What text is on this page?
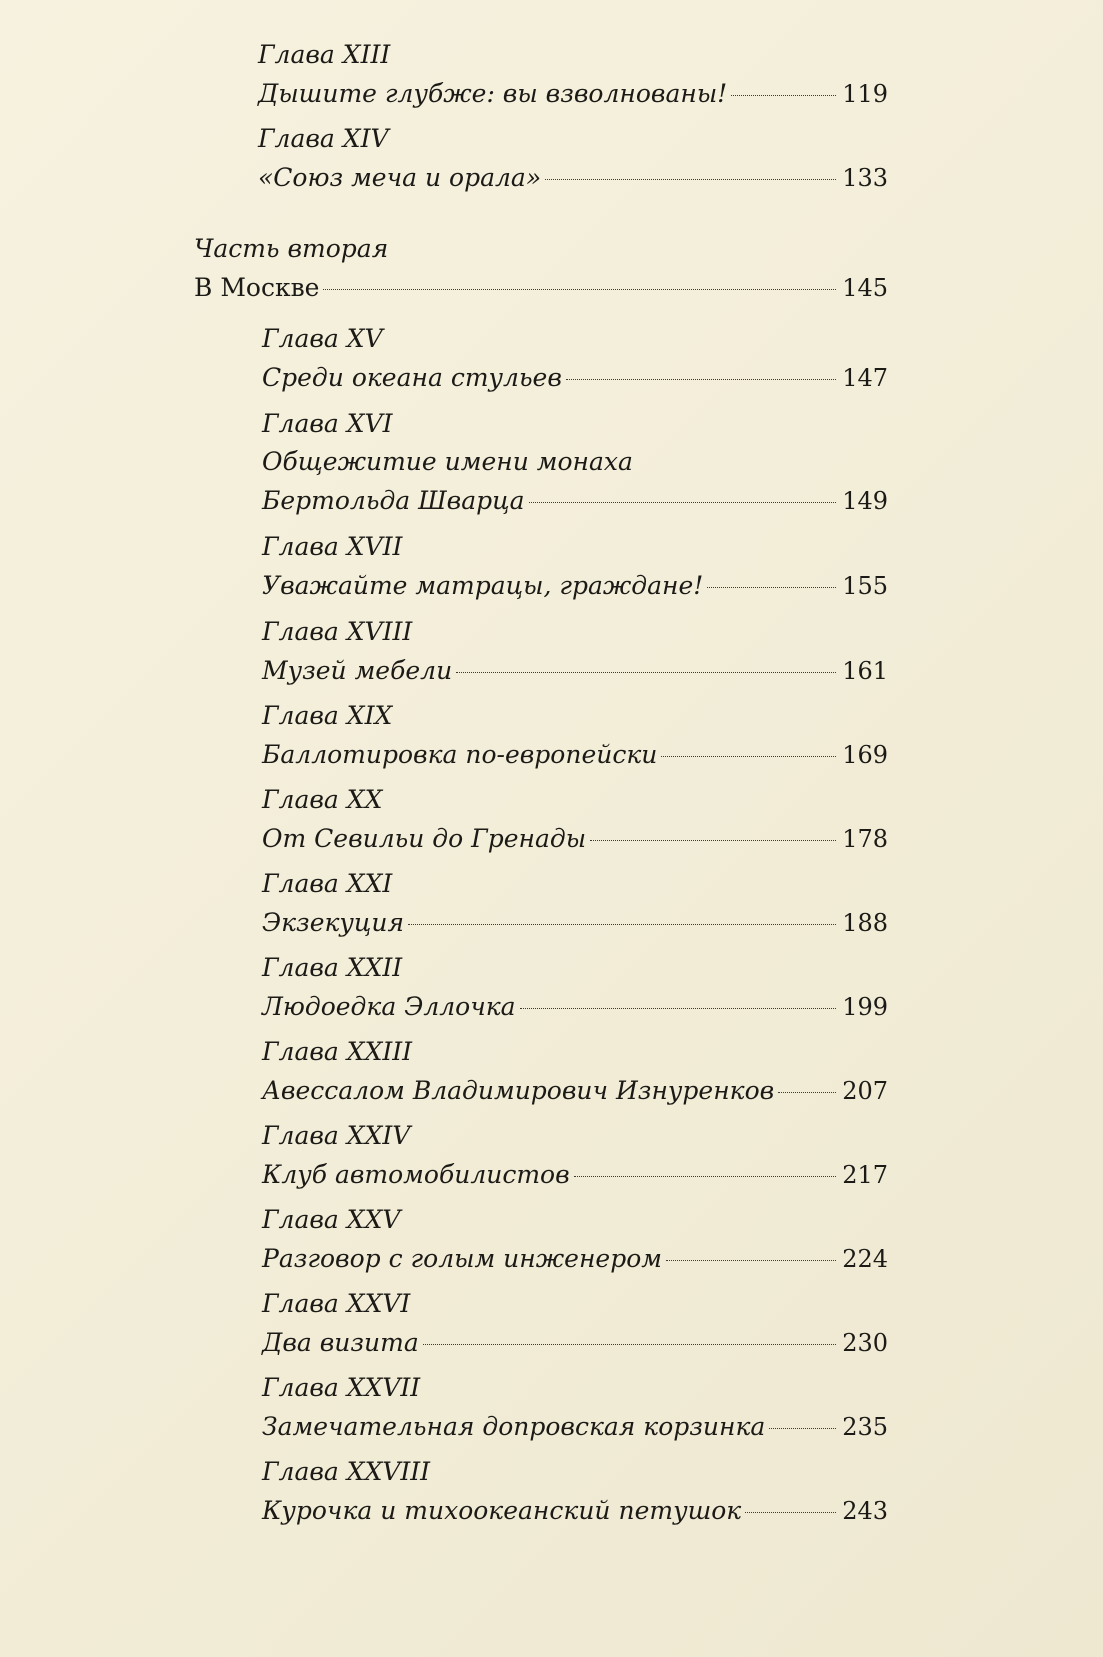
Глава XIII
Дышите глубже: вы взволнованы!	119
Глава XIV
«Союз меча и орала»	133
Часть вторая
В Москве	145
Глава XV
Среди океана стульев	147
Глава XVI
Общежитие имени монаха
Бертольда Шварца	149
Глава XVII
Уважайте матрацы, граждане!	155
Глава XVIII
Музей мебели	161
Глава XIX
Баллотировка по-европейски	169
Глава XX
От Севильи до Гренады	178
Глава XXI
Экзекуция	188
Глава XXII
Людоедка Эллочка	199
Глава XXIII
Авессалом Владимирович Изнуренков	207
Глава XXIV
Клуб автомобилистов	217
Глава XXV
Разговор с голым инженером	224
Глава XXVI
Два визита	230
Глава XXVII
Замечательная допровская корзинка	235
Глава XXVIII
Курочка и тихоокеанский петушок	243
